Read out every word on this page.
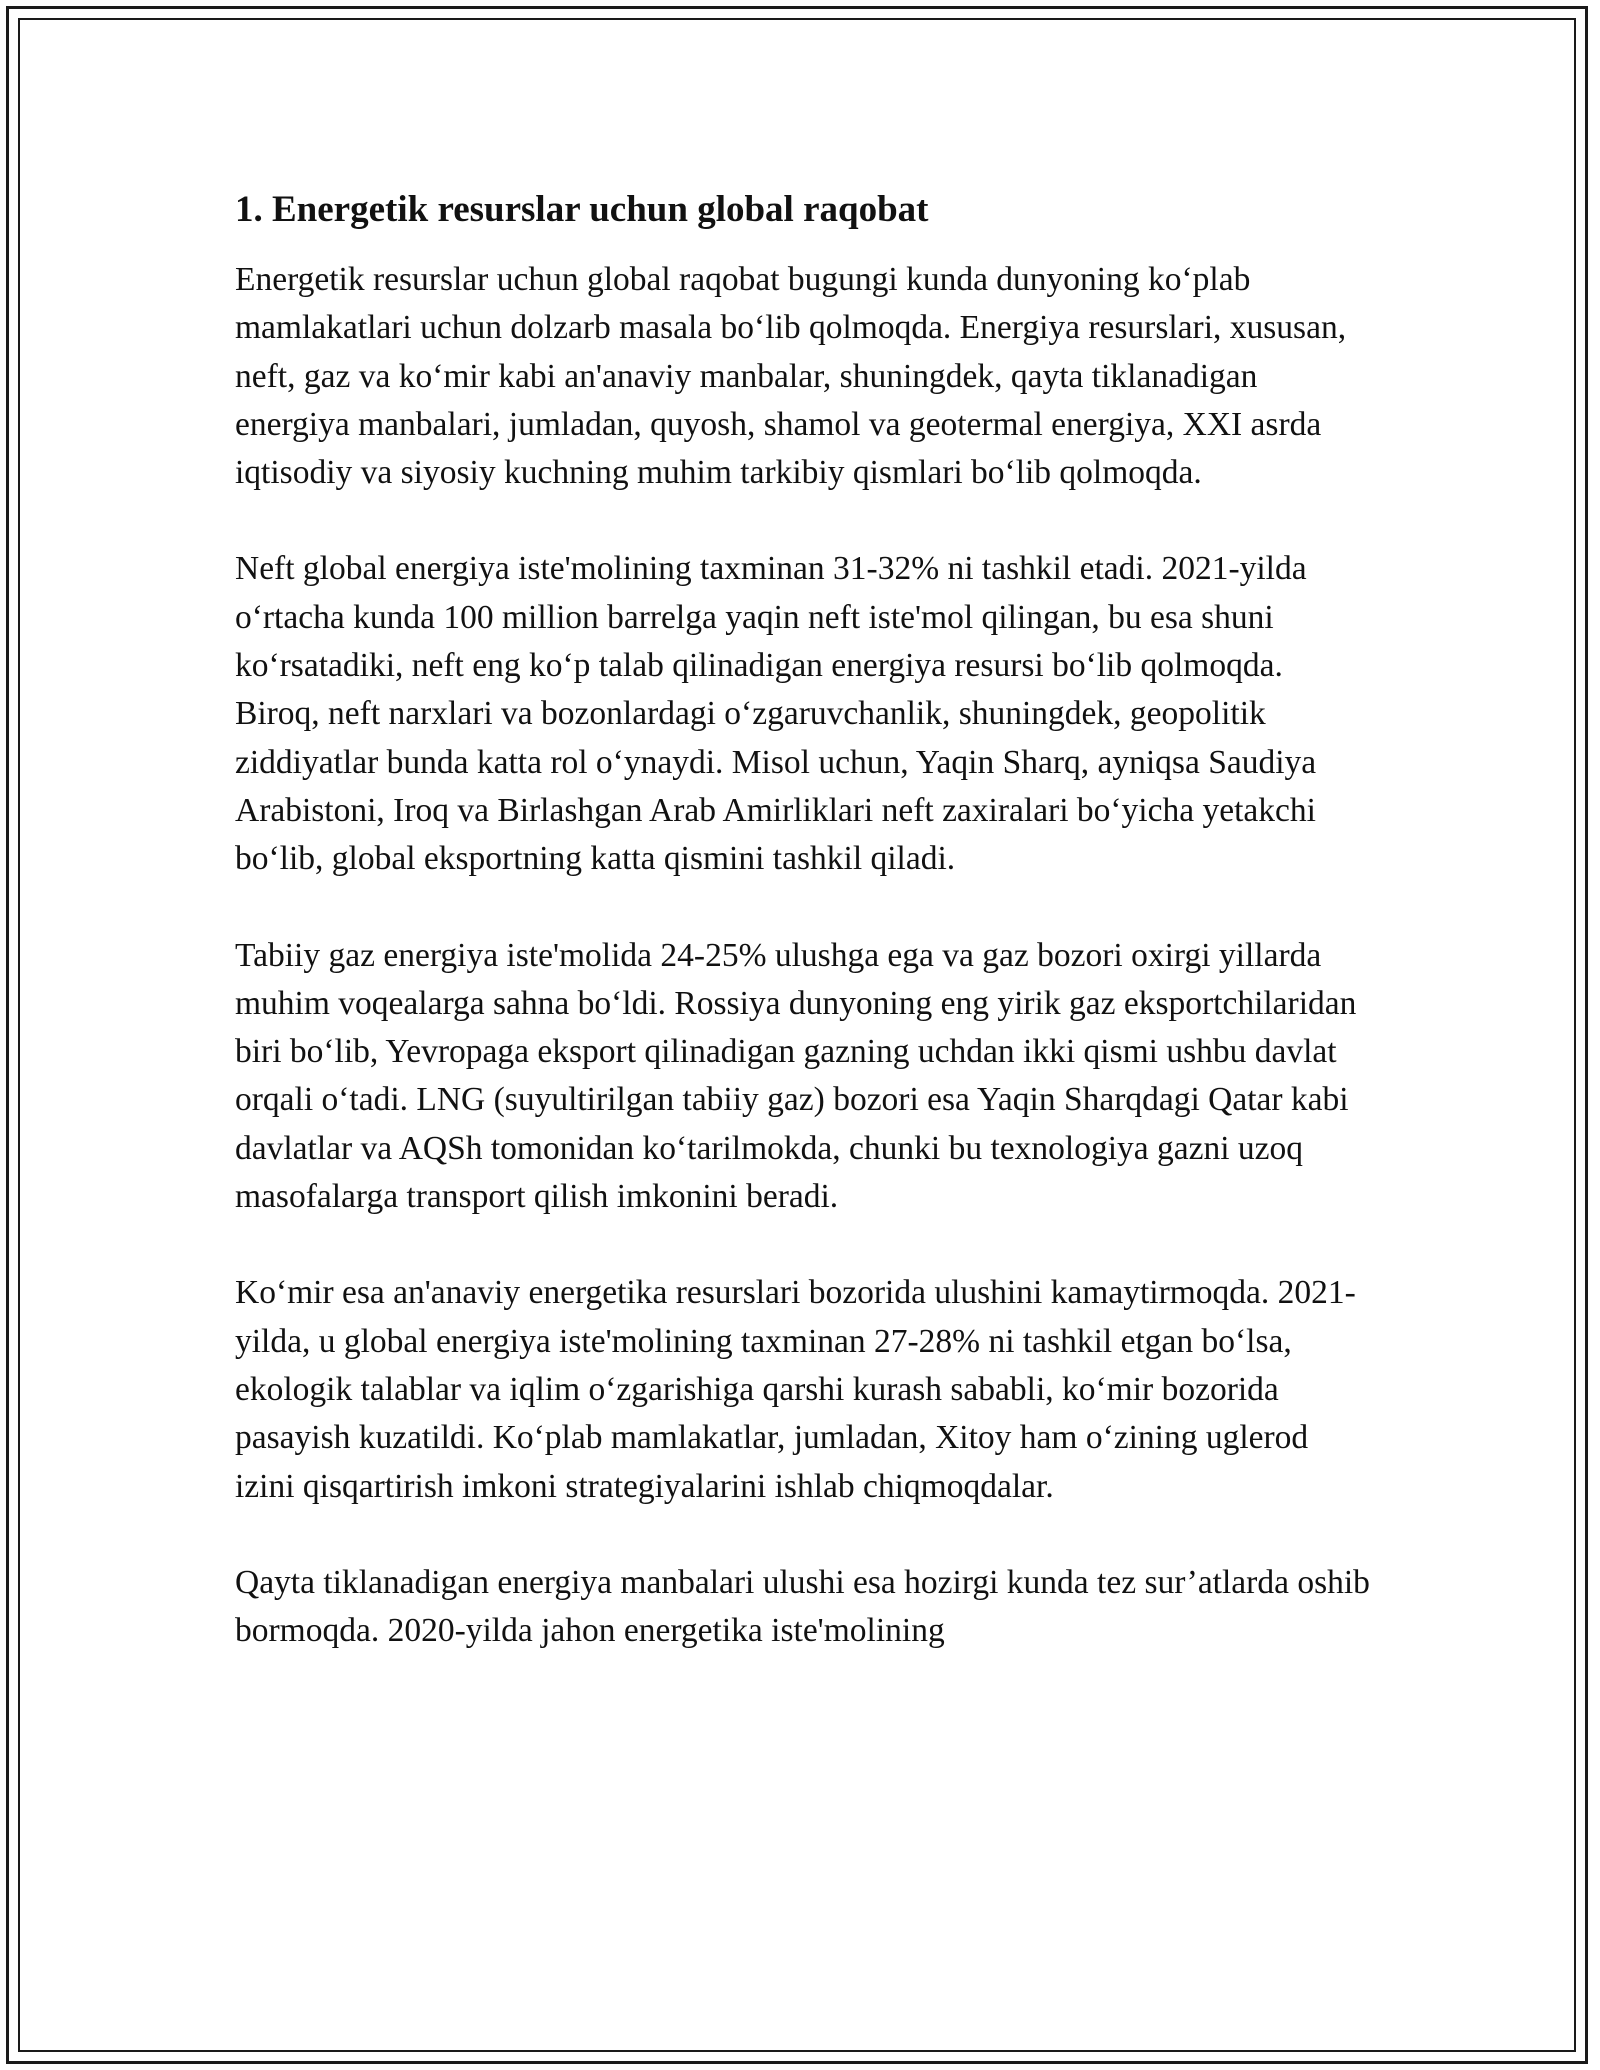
1. Energetik resurslar uchun global raqobat

Energetik resurslar uchun global raqobat bugungi kunda dunyoning ko‘plab mamlakatlari uchun dolzarb masala bo‘lib qolmoqda. Energiya resurslari, xususan, neft, gaz va ko‘mir kabi an'anaviy manbalar, shuningdek, qayta tiklanadigan energiya manbalari, jumladan, quyosh, shamol va geotermal energiya, XXI asrda iqtisodiy va siyosiy kuchning muhim tarkibiy qismlari bo‘lib qolmoqda.

Neft global energiya iste'molining taxminan 31-32% ni tashkil etadi. 2021-yilda o‘rtacha kunda 100 million barrelga yaqin neft iste'mol qilingan, bu esa shuni ko‘rsatadiki, neft eng ko‘p talab qilinadigan energiya resursi bo‘lib qolmoqda. Biroq, neft narxlari va bozonlardagi o‘zgaruvchanlik, shuningdek, geopolitik ziddiyatlar bunda katta rol o‘ynaydi. Misol uchun, Yaqin Sharq, ayniqsa Saudiya Arabistoni, Iroq va Birlashgan Arab Amirliklari neft zaxiralari bo‘yicha yetakchi bo‘lib, global eksportning katta qismini tashkil qiladi.

Tabiiy gaz energiya iste'molida 24-25% ulushga ega va gaz bozori oxirgi yillarda muhim voqealarga sahna bo‘ldi. Rossiya dunyoning eng yirik gaz eksportchilaridan biri bo‘lib, Yevropaga eksport qilinadigan gazning uchdan ikki qismi ushbu davlat orqali o‘tadi. LNG (suyultirilgan tabiiy gaz) bozori esa Yaqin Sharqdagi Qatar kabi davlatlar va AQSh tomonidan ko‘tarilmokda, chunki bu texnologiya gazni uzoq masofalarga transport qilish imkonini beradi.

Ko‘mir esa an'anaviy energetika resurslari bozorida ulushini kamaytirmoqda. 2021-yilda, u global energiya iste'molining taxminan 27-28% ni tashkil etgan bo‘lsa, ekologik talablar va iqlim o‘zgarishiga qarshi kurash sababli, ko‘mir bozorida pasayish kuzatildi. Ko‘plab mamlakatlar, jumladan, Xitoy ham o‘zining uglerod izini qisqartirish imkoni strategiyalarini ishlab chiqmoqdalar.

Qayta tiklanadigan energiya manbalari ulushi esa hozirgi kunda tez sur’atlarda oshib bormoqda. 2020-yilda jahon energetika iste'molining
